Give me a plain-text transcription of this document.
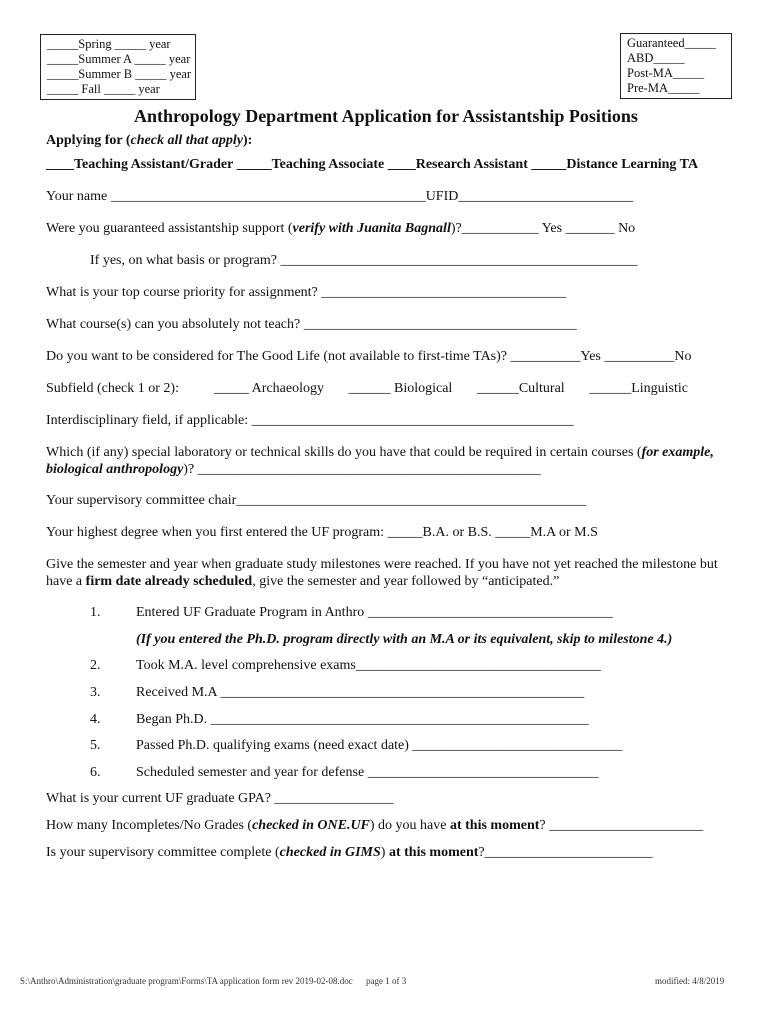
_____Spring _____ year
_____Summer A _____ year
_____Summer B _____ year
_____ Fall _____ year
Guaranteed_____
ABD_____
Post-MA_____
Pre-MA_____
Anthropology Department Application for Assistantship Positions
Applying for (check all that apply):
____Teaching Assistant/Grader _____Teaching Associate ____Research Assistant _____Distance Learning TA
Your name _____________________________________________UFID_________________________
Were you guaranteed assistantship support (verify with Juanita Bagnall)?___________ Yes _______ No
If yes, on what basis or program? ___________________________________________________
What is your top course priority for assignment? ___________________________________
What course(s) can you absolutely not teach? _______________________________________
Do you want to be considered for The Good Life (not available to first-time TAs)? __________Yes __________No
Subfield (check 1 or 2):          _____ Archaeology       ______ Biological       ______Cultural       ______Linguistic
Interdisciplinary field, if applicable: ______________________________________________
Which (if any) special laboratory or technical skills do you have that could be required in certain courses (for example,
biological anthropology)? _________________________________________________
Your supervisory committee chair__________________________________________________
Your highest degree when you first entered the UF program: _____B.A. or B.S. _____M.A or M.S
Give the semester and year when graduate study milestones were reached. If you have not yet reached the milestone but
have a firm date already scheduled, give the semester and year followed by “anticipated.”
1.	Entered UF Graduate Program in Anthro ___________________________________
(If you entered the Ph.D. program directly with an M.A or its equivalent, skip to milestone 4.)
2.	Took M.A. level comprehensive exams___________________________________
3.	Received M.A ____________________________________________________
4.	Began Ph.D. ______________________________________________________
5.	Passed Ph.D. qualifying exams (need exact date) ______________________________
6.	Scheduled semester and year for defense _________________________________
What is your current UF graduate GPA? _________________
How many Incompletes/No Grades (checked in ONE.UF) do you have at this moment? ______________________
Is your supervisory committee complete (checked in GIMS) at this moment?________________________
S:\Anthro\Administration\graduate program\Forms\TA application form rev 2019-02-08.doc page 1 of 3	modified: 4/8/2019
